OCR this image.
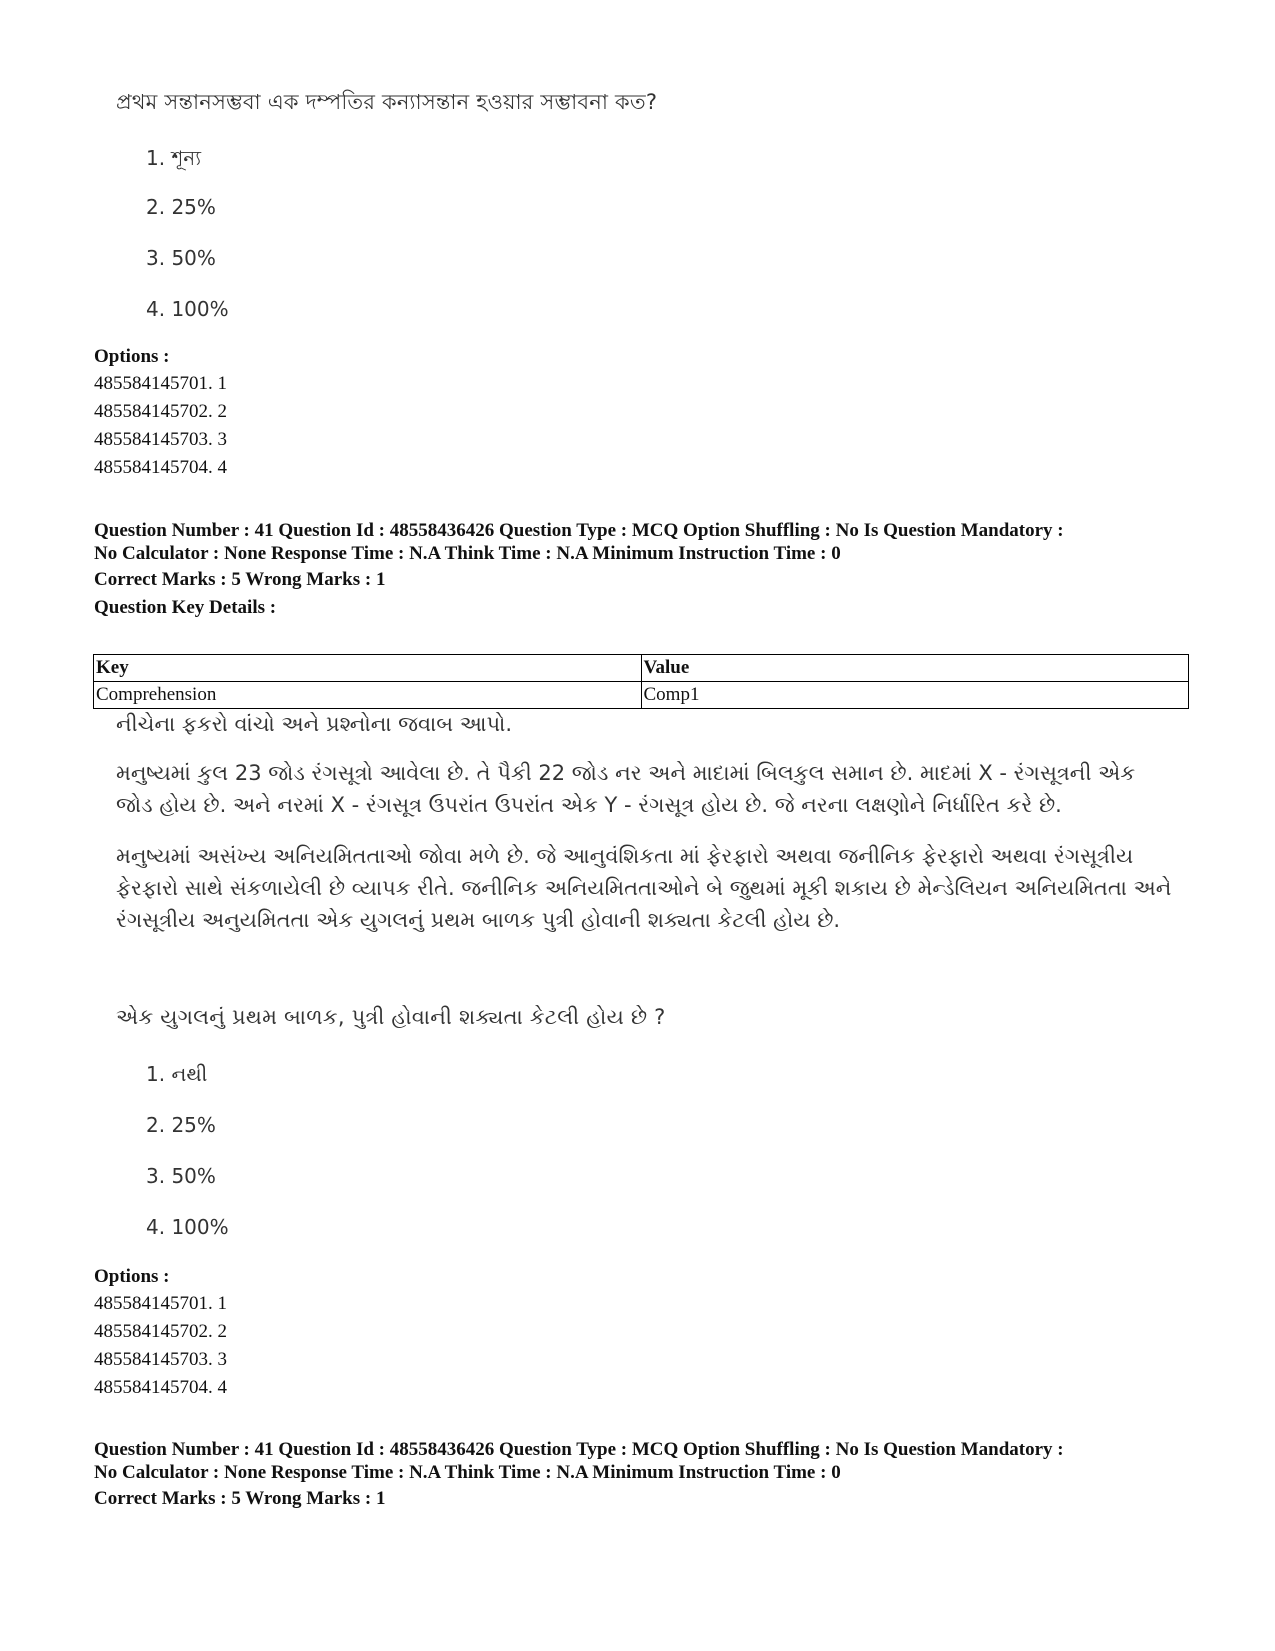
প্রথম সন্তানসম্ভবা এক দম্পতির কন্যাসন্তান হওয়ার সম্ভাবনা কত?
1. শূন্য
2. 25%
3. 50%
4. 100%
Options :
485584145701. 1
485584145702. 2
485584145703. 3
485584145704. 4
Question Number : 41 Question Id : 48558436426 Question Type : MCQ Option Shuffling : No Is Question Mandatory :
No Calculator : None Response Time : N.A Think Time : N.A Minimum Instruction Time : 0
Correct Marks : 5 Wrong Marks : 1
Question Key Details :
Key	Value
Comprehension	Comp1
નીચેના ફકરો વાંચો અને પ્રશ્નોના જવાબ આપો.
મનુષ્યમાં કુલ 23 જોડ રંગસૂત્રો આવેલા છે. તે પૈકી 22 જોડ નર અને માદામાં બિલકુલ સમાન છે. માદમાં X - રંગસૂત્રની એક જોડ હોય છે. અને નરમાં X - રંગસૂત્ર ઉપરાંત ઉપરાંત એક Y - રંગસૂત્ર હોય છે. જે નરના લક્ષણોને નિર્ધારિત કરે છે.
મનુષ્યમાં અસંખ્ય અનિયમિતતાઓ જોવા મળે છે. જે આનુવંશિકતા માં ફેરફારો અથવા જનીનિક ફેરફારો અથવા રંગસૂત્રીય ફેરફારો સાથે સંકળાયેલી છે વ્યાપક રીતે. જનીનિક અનિયમિતતાઓને બે જુથમાં મૂકી શકાય છે મેન્ડેલિયન અનિયમિતતા અને રંગસૂત્રીય અનુયમિતતા એક યુગલનું પ્રથમ બાળક પુત્રી હોવાની શક્યતા કેટલી હોય છે.
એક યુગલનું પ્રથમ બાળક, પુત્રી હોવાની શક્યતા કેટલી હોય છે ?
1. નથી
2. 25%
3. 50%
4. 100%
Options :
485584145701. 1
485584145702. 2
485584145703. 3
485584145704. 4
Question Number : 41 Question Id : 48558436426 Question Type : MCQ Option Shuffling : No Is Question Mandatory :
No Calculator : None Response Time : N.A Think Time : N.A Minimum Instruction Time : 0
Correct Marks : 5 Wrong Marks : 1
